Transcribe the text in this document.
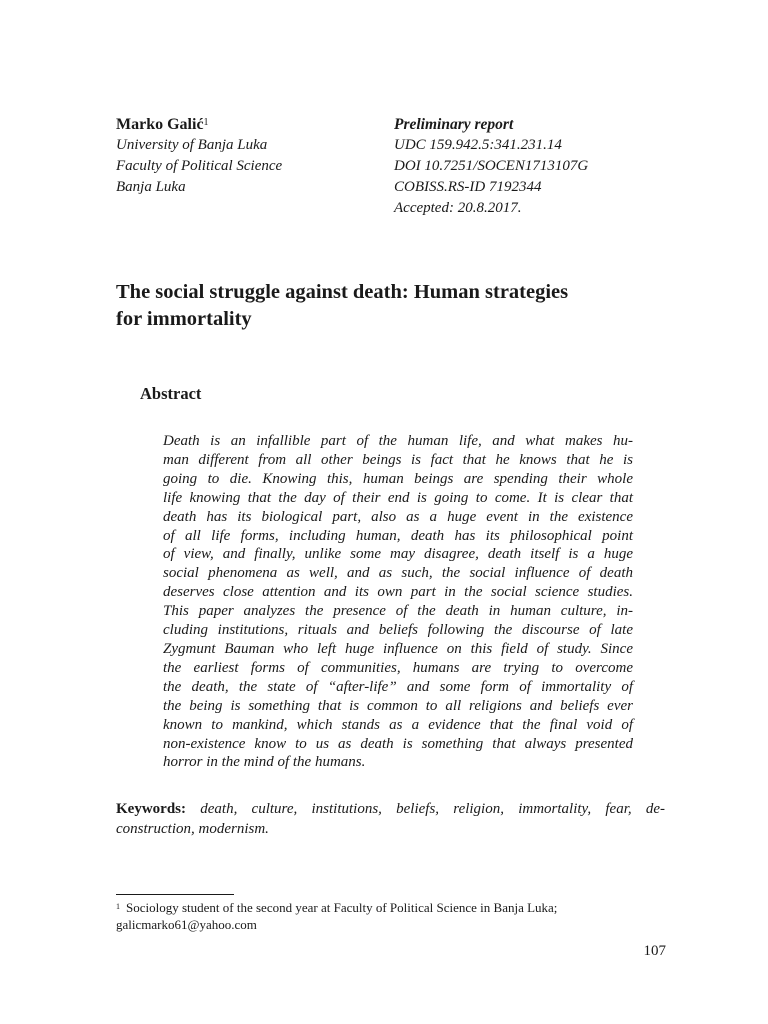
Marko Galić$^1$
University of Banja Luka
Faculty of Political Science
Banja Luka
Preliminary report
UDC 159.942.5:341.231.14
DOI 10.7251/SOCEN1713107G
COBISS.RS-ID 7192344
Accepted: 20.8.2017.
The social struggle against death: Human strategies
for immortality
Abstract
Death is an infallible part of the human life, and what makes hu-
man different from all other beings is fact that he knows that he is
going to die. Knowing this, human beings are spending their whole
life knowing that the day of their end is going to come. It is clear that
death has its biological part, also as a huge event in the existence
of all life forms, including human, death has its philosophical point
of view, and finally, unlike some may disagree, death itself is a huge
social phenomena as well, and as such, the social influence of death
deserves close attention and its own part in the social science studies.
This paper analyzes the presence of the death in human culture, in-
cluding institutions, rituals and beliefs following the discourse of late
Zygmunt Bauman who left huge influence on this field of study. Since
the earliest forms of communities, humans are trying to overcome
the death, the state of “after-life” and some form of immortality of
the being is something that is common to all religions and beliefs ever
known to mankind, which stands as a evidence that the final void of
non-existence know to us as death is something that always presented
horror in the mind of the humans.
Keywords: death, culture, institutions, beliefs, religion, immortality, fear, de-
construction, modernism.
$^1$ Sociology student of the second year at Faculty of Political Science in Banja Luka;
galicmarko61@yahoo.com
107
